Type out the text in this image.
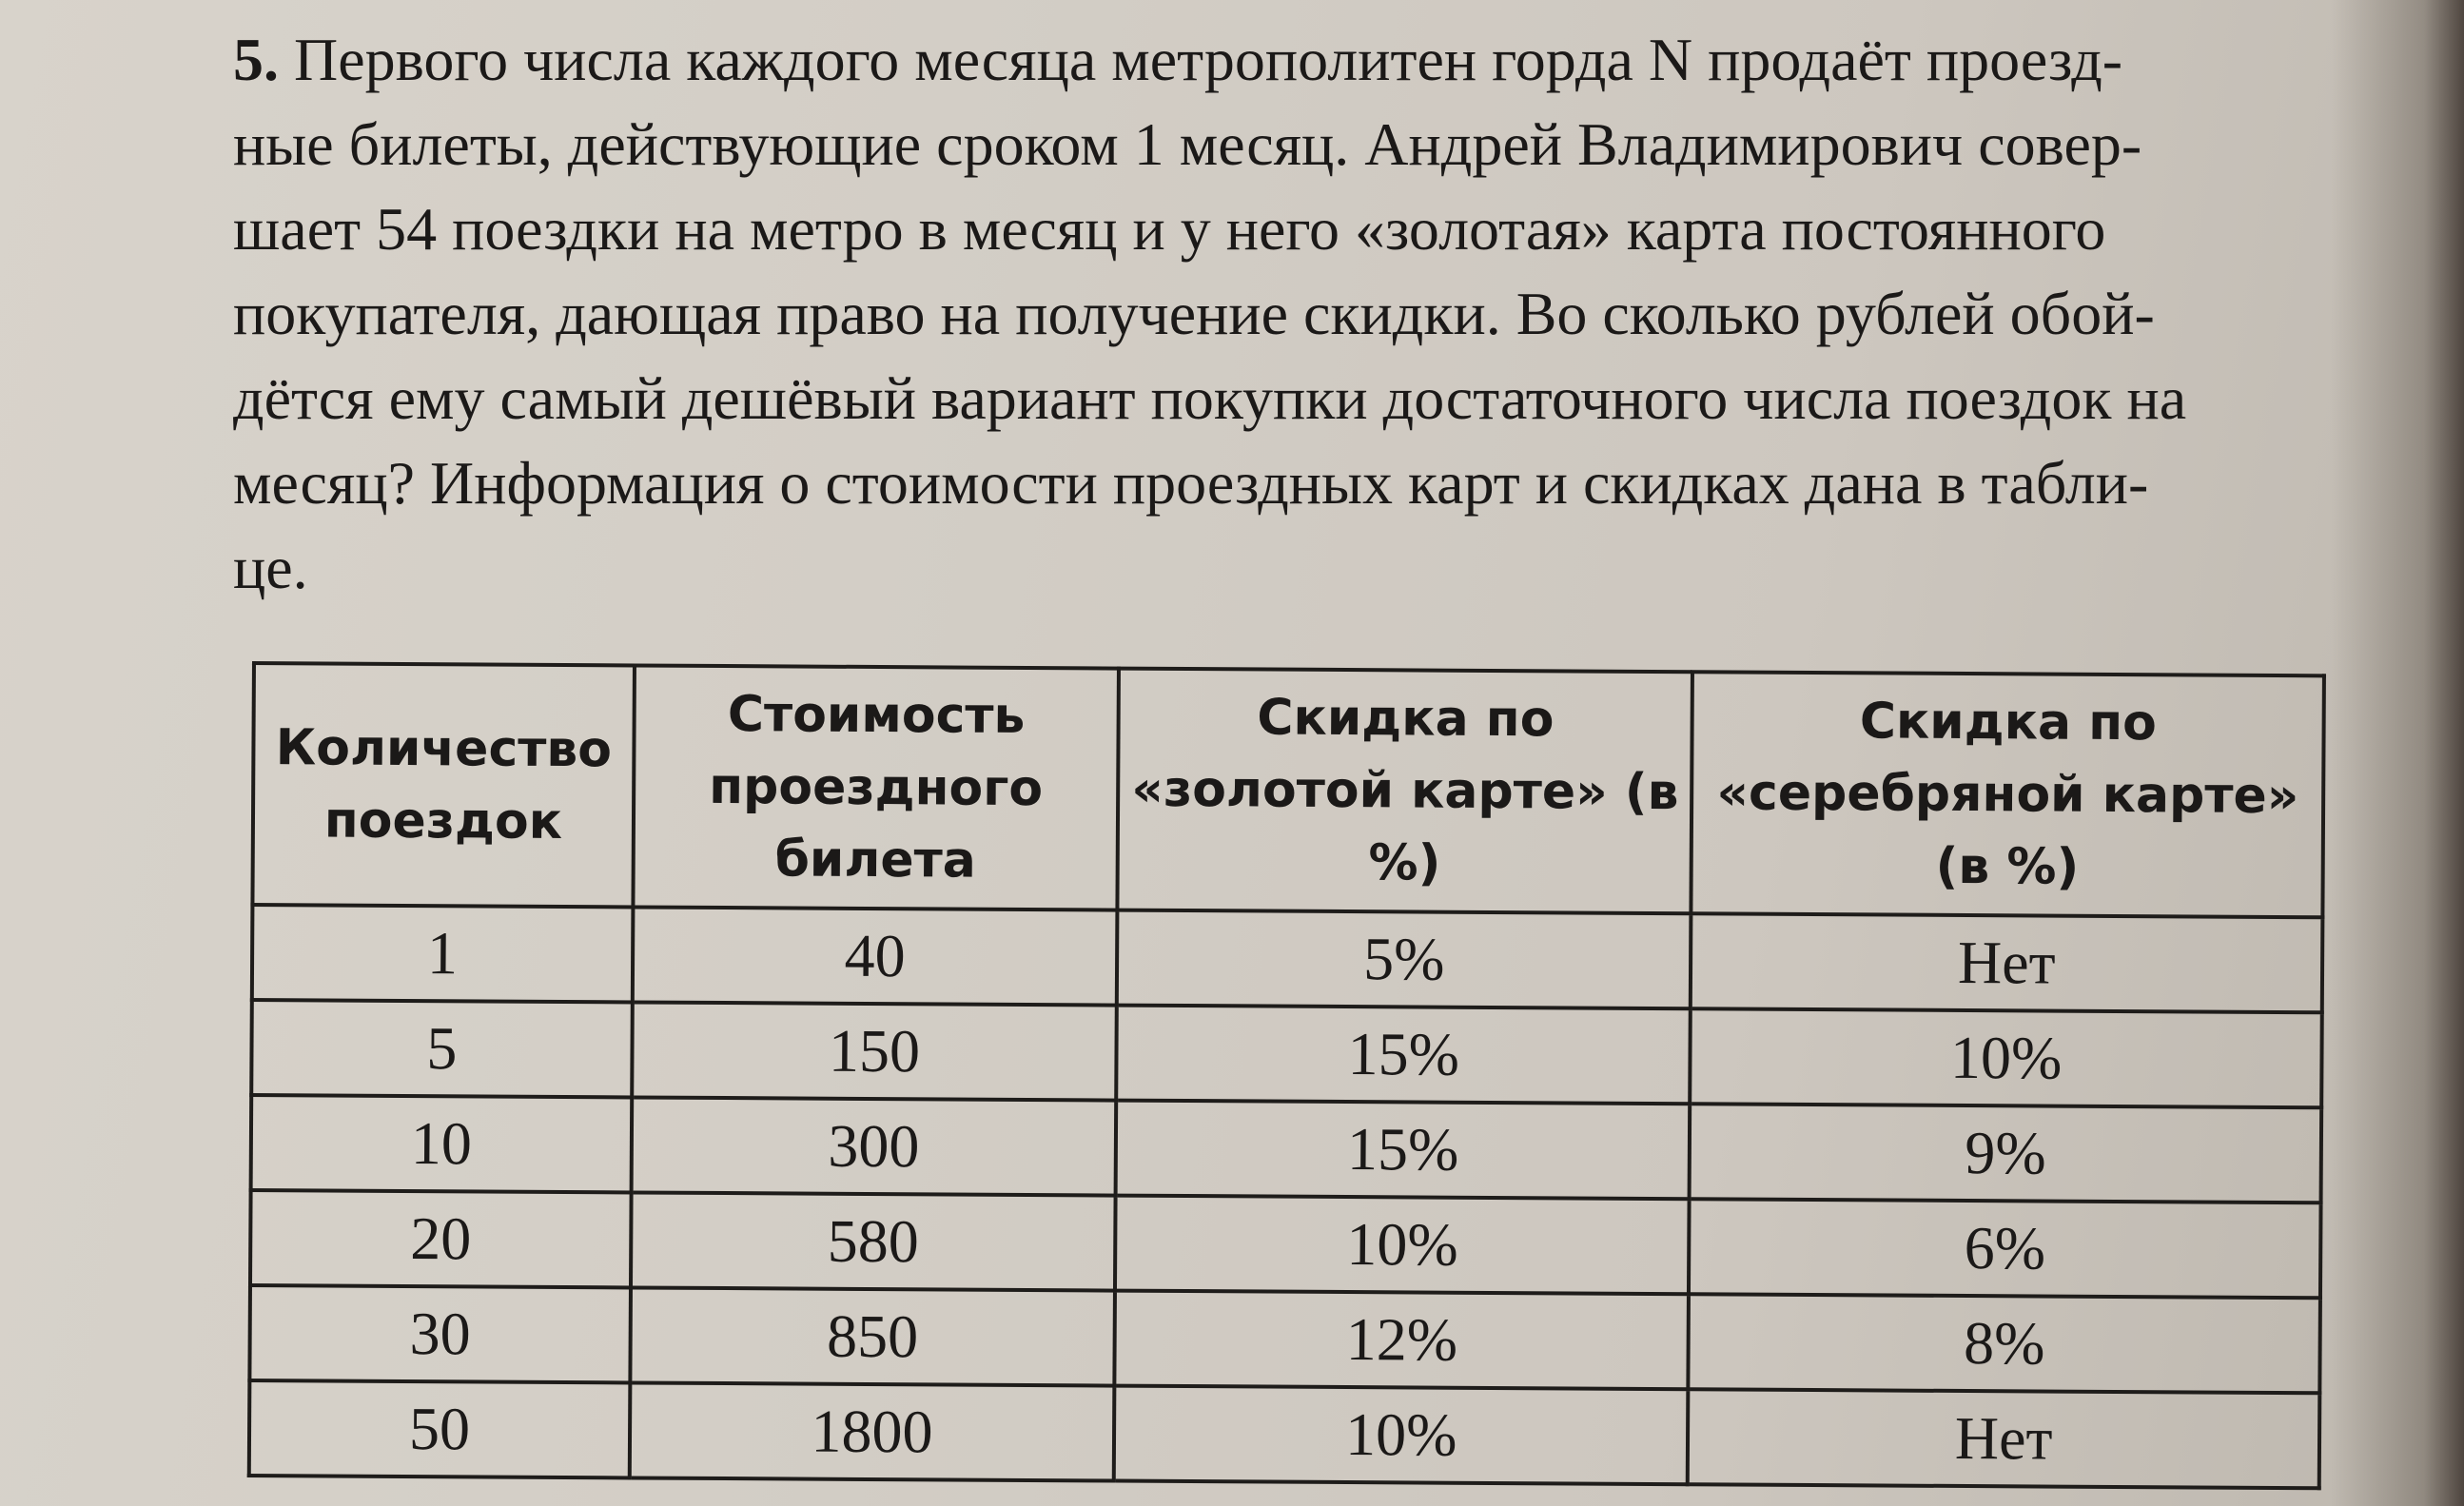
5. Первого числа каждого месяца метрополитен горда N продаёт проезд-
ные билеты, действующие сроком 1 месяц. Андрей Владимирович совер-
шает 54 поездки на метро в месяц и у него «золотая» карта постоянного
покупателя, дающая право на получение скидки. Во сколько рублей обой-
дётся ему самый дешёвый вариант покупки достаточного числа поездок на
месяц? Информация о стоимости проездных карт и скидках дана в табли-
це.
Количество поездок	Стоимость проездного билета	Скидка по «золотой карте» (в %)	Скидка по «серебряной карте» (в %)
1	40	5%	Нет
5	150	15%	10%
10	300	15%	9%
20	580	10%	6%
30	850	12%	8%
50	1800	10%	Нет
